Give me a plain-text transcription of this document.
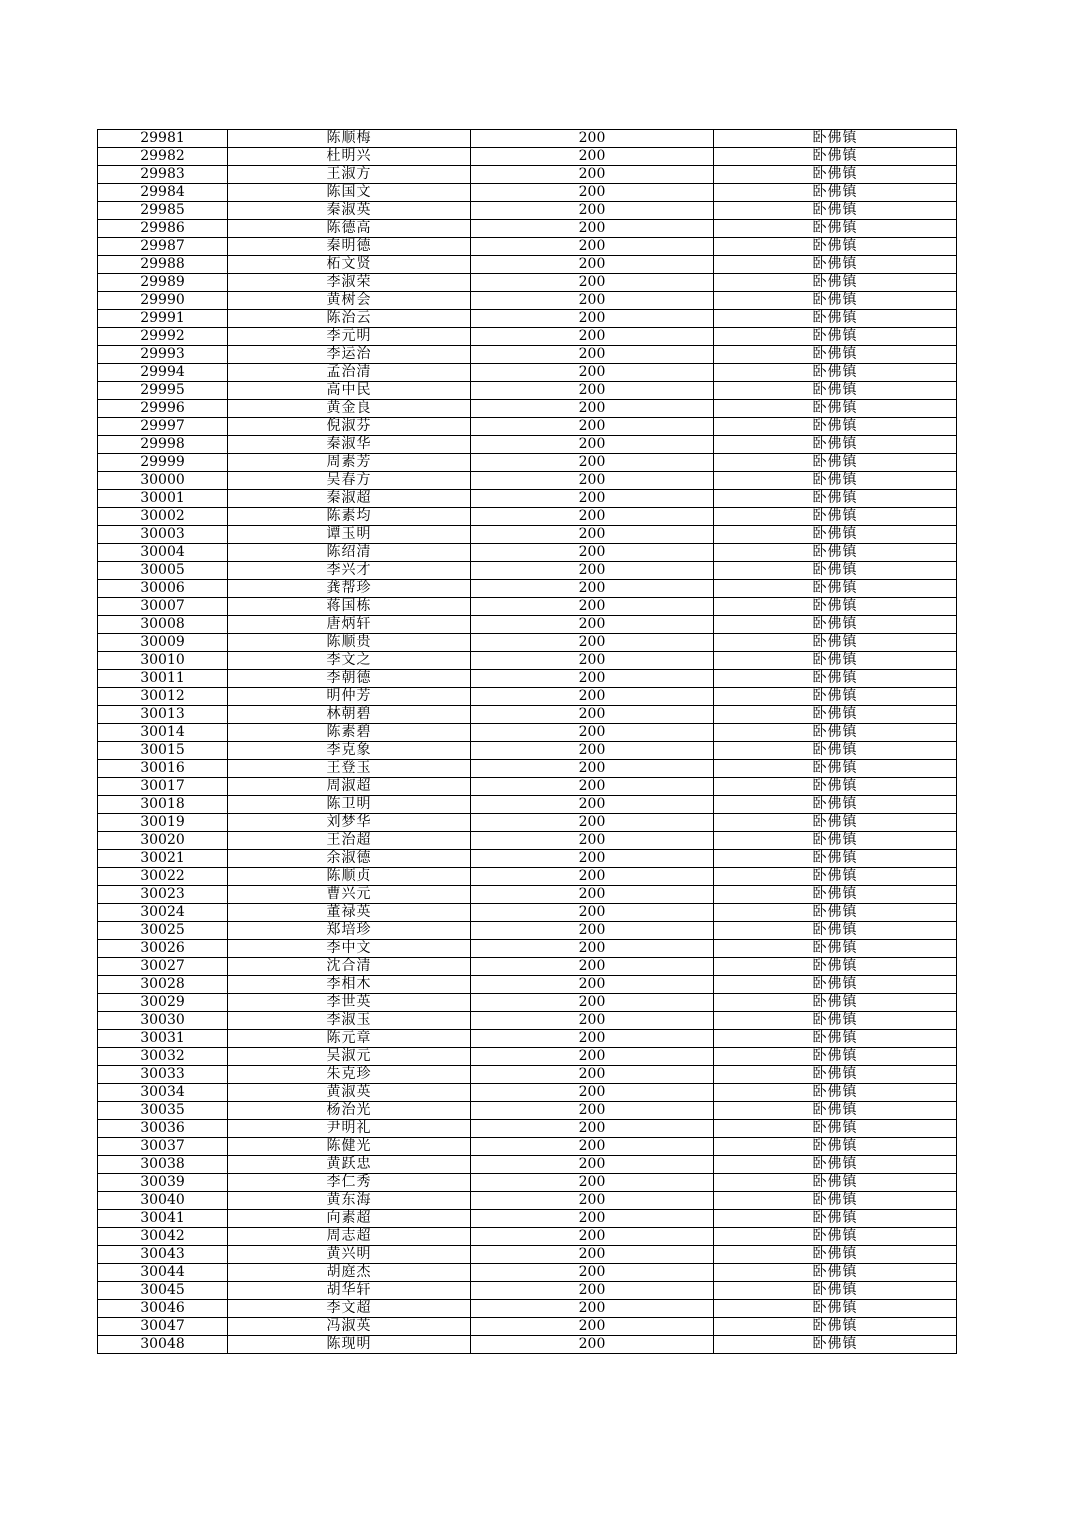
29981	陈顺梅	200	卧佛镇
29982	杜明兴	200	卧佛镇
29983	王淑方	200	卧佛镇
29984	陈国文	200	卧佛镇
29985	秦淑英	200	卧佛镇
29986	陈德高	200	卧佛镇
29987	秦明德	200	卧佛镇
29988	柘文贤	200	卧佛镇
29989	李淑荣	200	卧佛镇
29990	黄树会	200	卧佛镇
29991	陈治云	200	卧佛镇
29992	李元明	200	卧佛镇
29993	李运治	200	卧佛镇
29994	孟治清	200	卧佛镇
29995	高中民	200	卧佛镇
29996	黄金良	200	卧佛镇
29997	倪淑芬	200	卧佛镇
29998	秦淑华	200	卧佛镇
29999	周素芳	200	卧佛镇
30000	吴春方	200	卧佛镇
30001	秦淑超	200	卧佛镇
30002	陈素均	200	卧佛镇
30003	谭玉明	200	卧佛镇
30004	陈绍清	200	卧佛镇
30005	李兴才	200	卧佛镇
30006	龚帮珍	200	卧佛镇
30007	蒋国栋	200	卧佛镇
30008	唐炳轩	200	卧佛镇
30009	陈顺贵	200	卧佛镇
30010	李文之	200	卧佛镇
30011	李朝德	200	卧佛镇
30012	明仲芳	200	卧佛镇
30013	林朝碧	200	卧佛镇
30014	陈素碧	200	卧佛镇
30015	李克象	200	卧佛镇
30016	王登玉	200	卧佛镇
30017	周淑超	200	卧佛镇
30018	陈卫明	200	卧佛镇
30019	刘梦华	200	卧佛镇
30020	王治超	200	卧佛镇
30021	余淑德	200	卧佛镇
30022	陈顺贞	200	卧佛镇
30023	曹兴元	200	卧佛镇
30024	董禄英	200	卧佛镇
30025	郑培珍	200	卧佛镇
30026	李中文	200	卧佛镇
30027	沈合清	200	卧佛镇
30028	李相木	200	卧佛镇
30029	李世英	200	卧佛镇
30030	李淑玉	200	卧佛镇
30031	陈元章	200	卧佛镇
30032	吴淑元	200	卧佛镇
30033	朱克珍	200	卧佛镇
30034	黄淑英	200	卧佛镇
30035	杨治光	200	卧佛镇
30036	尹明礼	200	卧佛镇
30037	陈健光	200	卧佛镇
30038	黄跃忠	200	卧佛镇
30039	李仁秀	200	卧佛镇
30040	黄东海	200	卧佛镇
30041	向素超	200	卧佛镇
30042	周志超	200	卧佛镇
30043	黄兴明	200	卧佛镇
30044	胡庭杰	200	卧佛镇
30045	胡华轩	200	卧佛镇
30046	李文超	200	卧佛镇
30047	冯淑英	200	卧佛镇
30048	陈现明	200	卧佛镇
